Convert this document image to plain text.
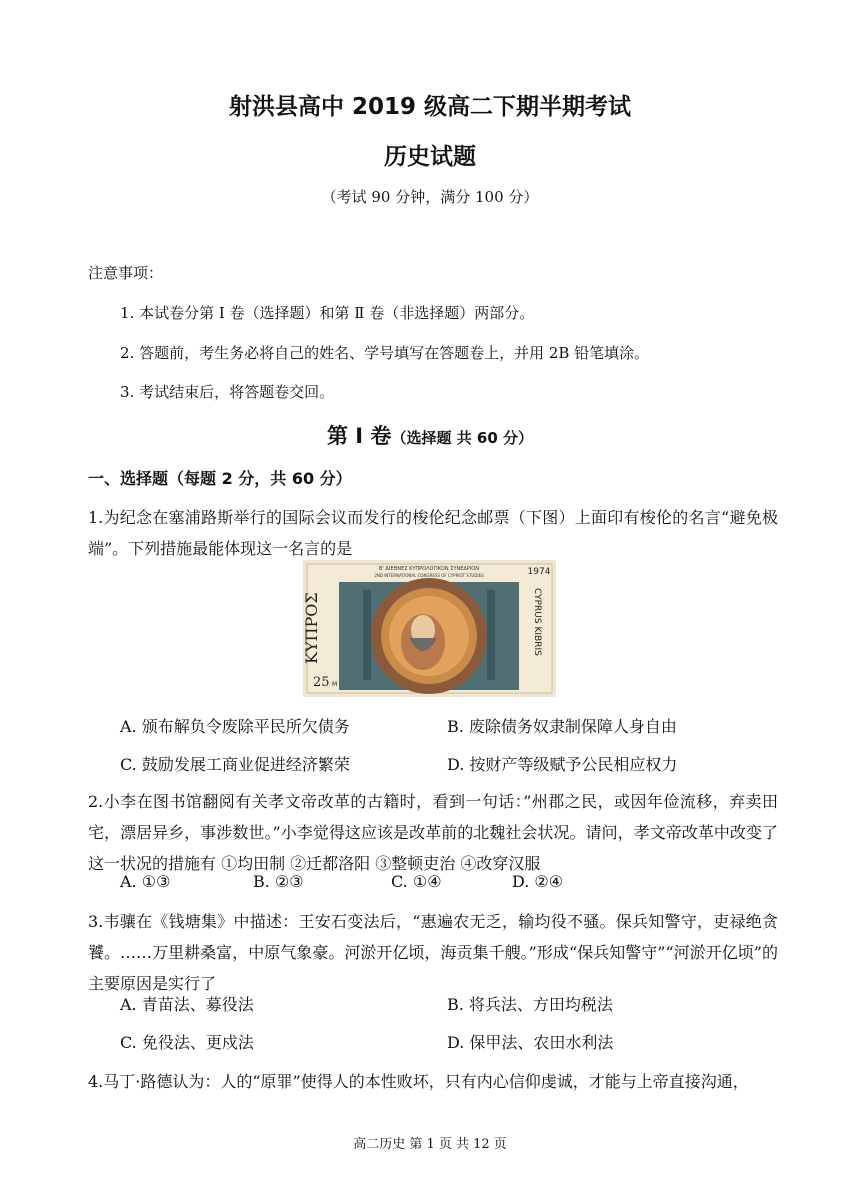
射洪县高中 2019 级高二下期半期考试
历史试题
（考试 90 分钟，满分 100 分）
注意事项：
1. 本试卷分第 Ⅰ 卷（选择题）和第 Ⅱ 卷（非选择题）两部分。
2. 答题前，考生务必将自己的姓名、学号填写在答题卷上，并用 2B 铅笔填涂。
3. 考试结束后，将答题卷交回。
第 Ⅰ 卷（选择题 共 60 分）
一、选择题（每题 2 分，共 60 分）
1.为纪念在塞浦路斯举行的国际会议而发行的梭伦纪念邮票（下图）上面印有梭伦的名言“避免极端”。下列措施最能体现这一名言的是
B' ΔΙΕΘΝΕΣ ΚΥΠΡΟΛΟΓΙΚΟΝ ΣΥΝΕΔΡΙΟΝ
2ND INTERNATIONAL CONGRESS OF CYPRIOT STUDIES	1974
ΚΥΠΡΟΣ	CYPRUS KIBRIS
25 M
A. 颁布解负令废除平民所欠债务	B. 废除债务奴隶制保障人身自由
C. 鼓励发展工商业促进经济繁荣	D. 按财产等级赋予公民相应权力
2.小李在图书馆翻阅有关孝文帝改革的古籍时，看到一句话：”州郡之民，或因年俭流移，弃卖田宅，漂居异乡，事涉数世。”小李觉得这应该是改革前的北魏社会状况。请问，孝文帝改革中改变了这一状况的措施有 ①均田制 ②迁都洛阳 ③整顿吏治 ④改穿汉服
A. ①③	B. ②③	C. ①④	D. ②④
3.韦骧在《钱塘集》中描述：王安石变法后，“惠遍农无乏，输均役不骚。保兵知警守，吏禄绝贪饕。……万里耕桑富，中原气象豪。河淤开亿顷，海贡集千艘。”形成“保兵知警守”“河淤开亿顷”的主要原因是实行了
A. 青苗法、募役法	B. 将兵法、方田均税法
C. 免役法、更戍法	D. 保甲法、农田水利法
4.马丁·路德认为：人的“原罪”使得人的本性败坏，只有内心信仰虔诚，才能与上帝直接沟通，
高二历史 第 1 页 共 12 页
